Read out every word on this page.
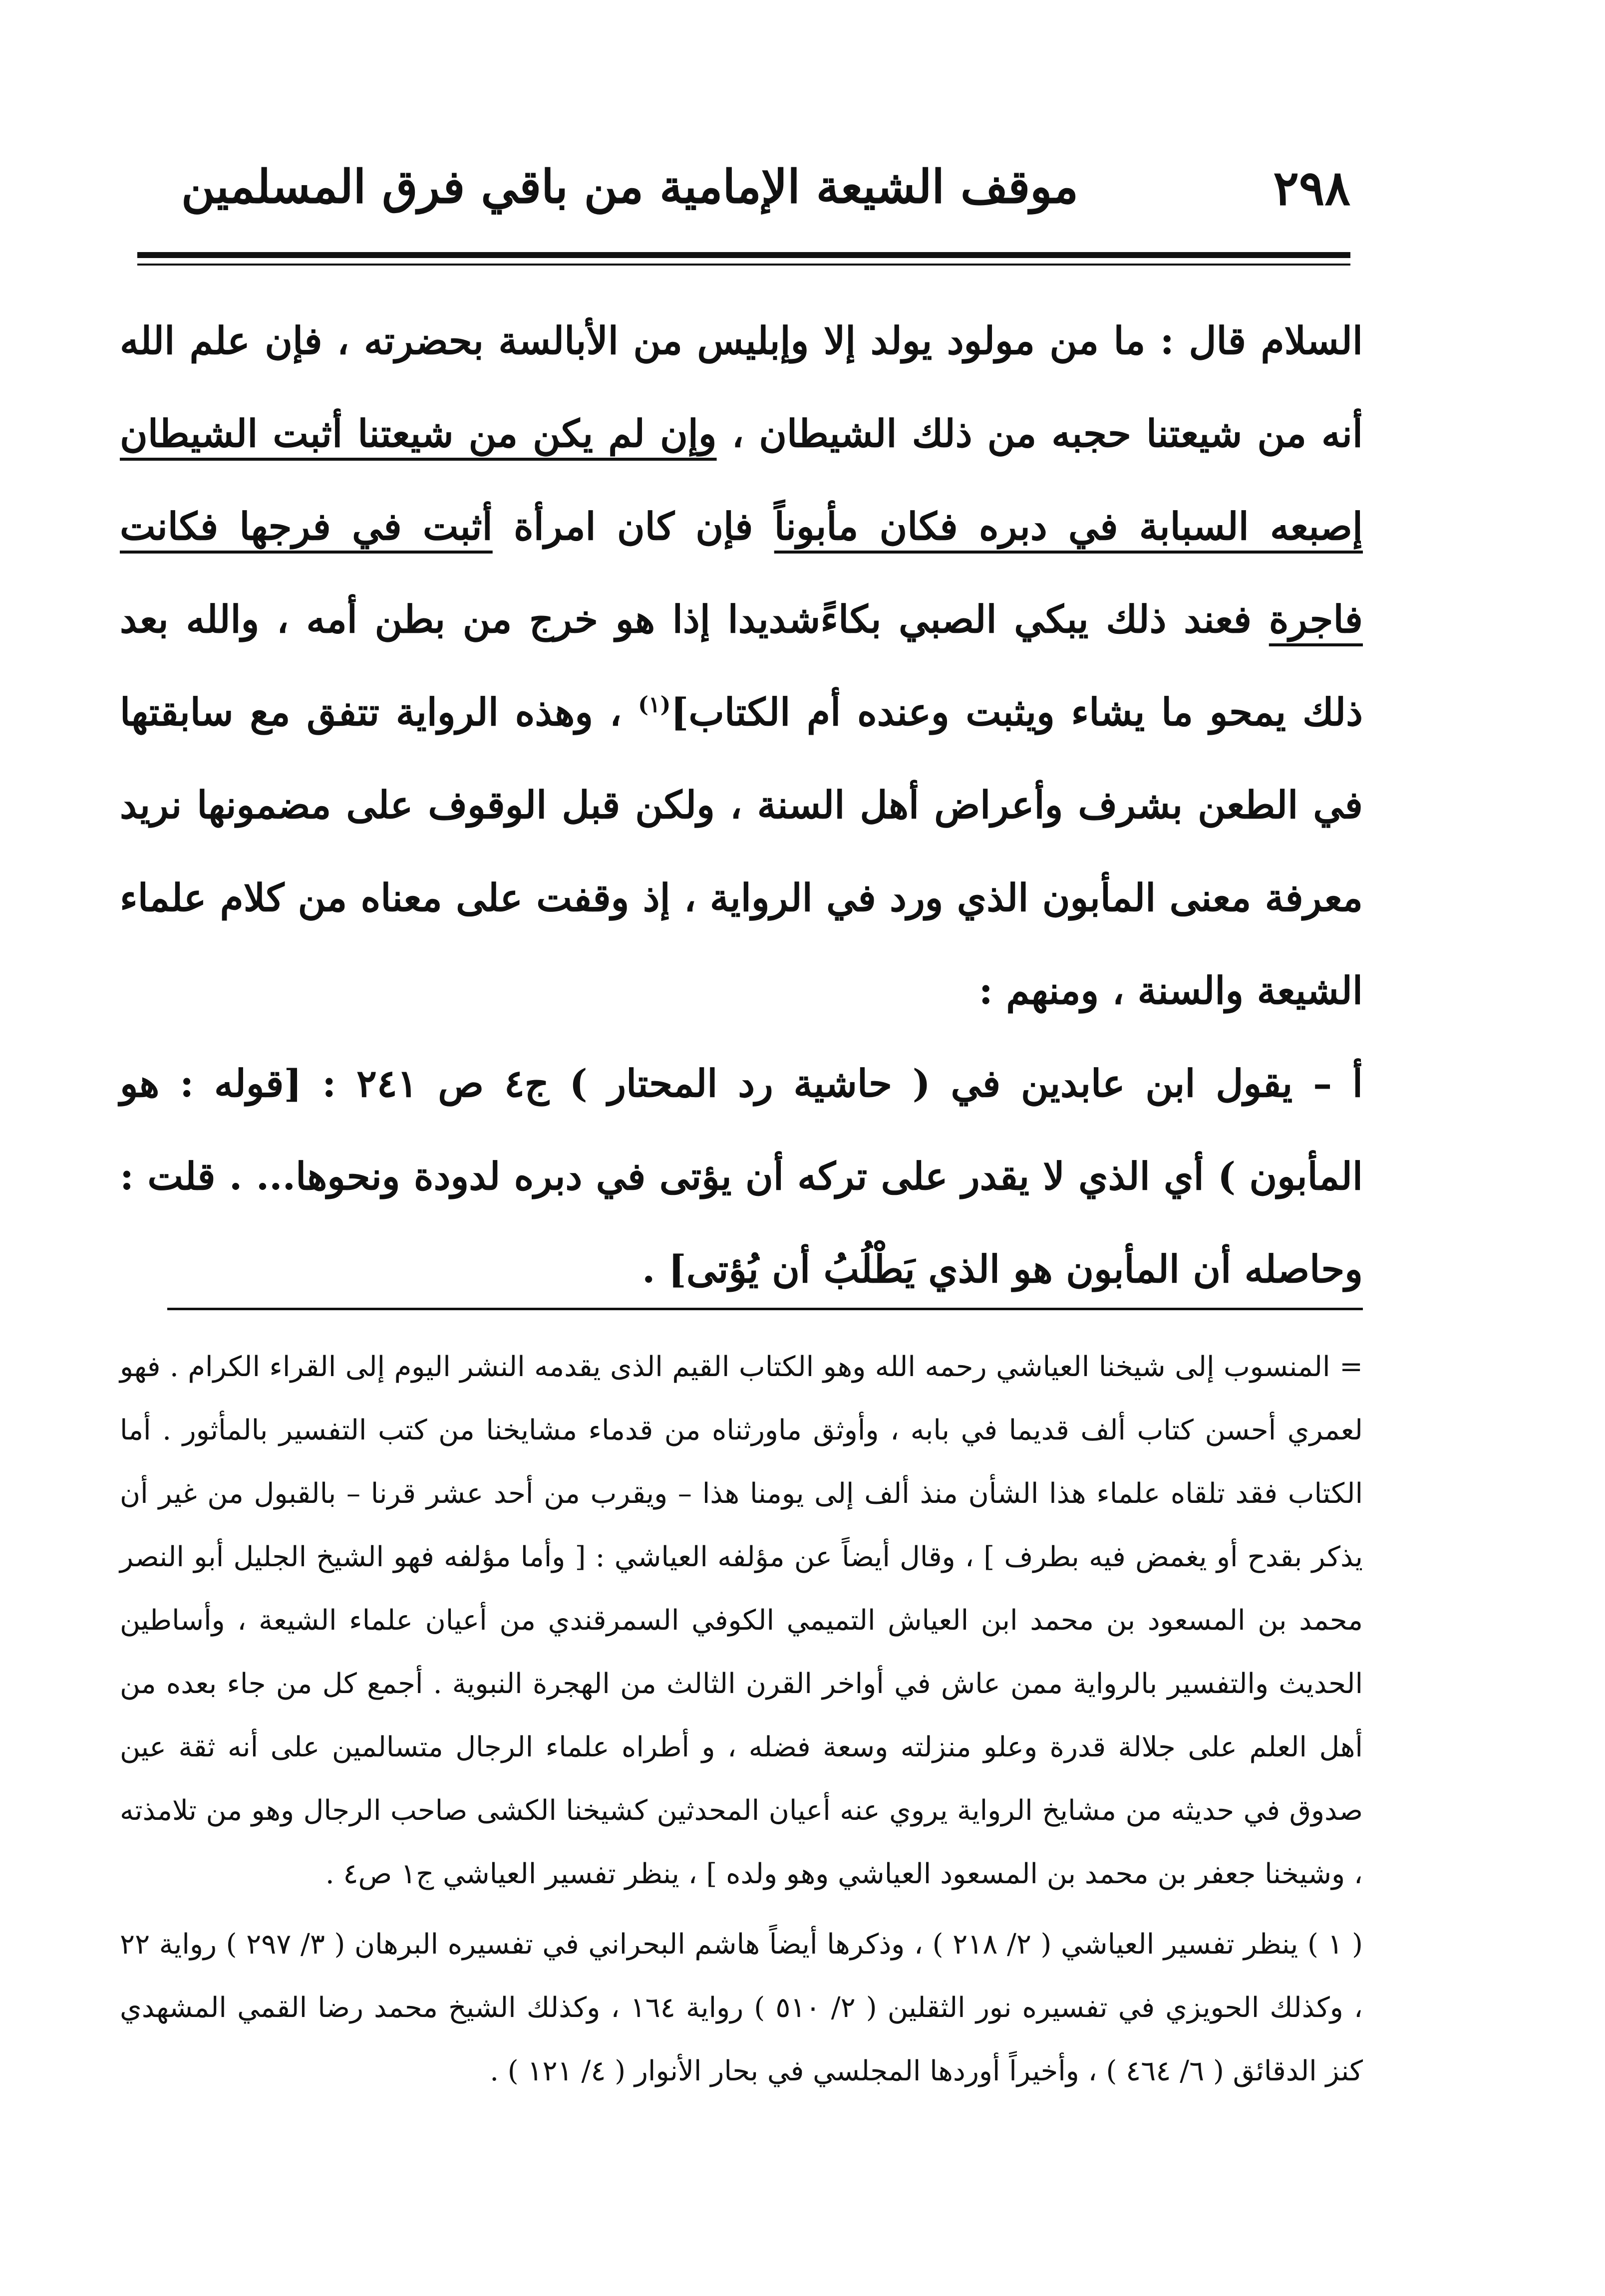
٢٩٨
موقف الشيعة الإمامية من باقي فرق المسلمين

السلام قال : ما من مولود يولد إلا وإبليس من الأبالسة بحضرته ، فإن علم الله أنه من شيعتنا حجبه من ذلك الشيطان ، وإن لم يكن من شيعتنا أثبت الشيطان إصبعه السبابة في دبره فكان مأبوناً فإن كان امرأة أثبت في فرجها فكانت فاجرة فعند ذلك يبكي الصبي بكاءًشديدا إذا هو خرج من بطن أمه ، والله بعد ذلك يمحو ما يشاء ويثبت وعنده أم الكتاب]$^{(١)}$ ، وهذه الرواية تتفق مع سابقتها في الطعن بشرف وأعراض أهل السنة ، ولكن قبل الوقوف على مضمونها نريد معرفة معنى المأبون الذي ورد في الرواية ، إذ وقفت على معناه من كلام علماء الشيعة والسنة ، ومنهم :

أ – يقول ابن عابدين في ( حاشية رد المحتار ) ج٤ ص ٢٤١ : [قوله : هو المأبون ) أي الذي لا يقدر على تركه أن يؤتى في دبره لدودة ونحوها... . قلت : وحاصله أن المأبون هو الذي يَطْلُبُ أن يُؤتى] .

= المنسوب إلى شيخنا العياشي رحمه الله وهو الكتاب القيم الذى يقدمه النشر اليوم إلى القراء الكرام . فهو لعمري أحسن كتاب ألف قديما في بابه ، وأوثق ماورثناه من قدماء مشايخنا من كتب التفسير بالمأثور . أما الكتاب فقد تلقاه علماء هذا الشأن منذ ألف إلى يومنا هذا – ويقرب من أحد عشر قرنا – بالقبول من غير أن يذكر بقدح أو يغمض فيه بطرف ] ، وقال أيضاً عن مؤلفه العياشي : [ وأما مؤلفه فهو الشيخ الجليل أبو النصر محمد بن المسعود بن محمد ابن العياش التميمي الكوفي السمرقندي من أعيان علماء الشيعة ، وأساطين الحديث والتفسير بالرواية ممن عاش في أواخر القرن الثالث من الهجرة النبوية . أجمع كل من جاء بعده من أهل العلم على جلالة قدرة وعلو منزلته وسعة فضله ، و أطراه علماء الرجال متسالمين على أنه ثقة عين صدوق في حديثه من مشايخ الرواية يروي عنه أعيان المحدثين كشيخنا الكشى صاحب الرجال وهو من تلامذته ، وشيخنا جعفر بن محمد بن المسعود العياشي وهو ولده ] ، ينظر تفسير العياشي ج١ ص٤ .

( ١ ) ينظر تفسير العياشي ( ٢/ ٢١٨ ) ، وذكرها أيضاً هاشم البحراني في تفسيره البرهان ( ٣/ ٢٩٧ ) رواية ٢٢ ، وكذلك الحويزي في تفسيره نور الثقلين ( ٢/ ٥١٠ ) رواية ١٦٤ ، وكذلك الشيخ محمد رضا القمي المشهدي كنز الدقائق ( ٦/ ٤٦٤ ) ، وأخيراً أوردها المجلسي في بحار الأنوار ( ٤/ ١٢١ ) .
